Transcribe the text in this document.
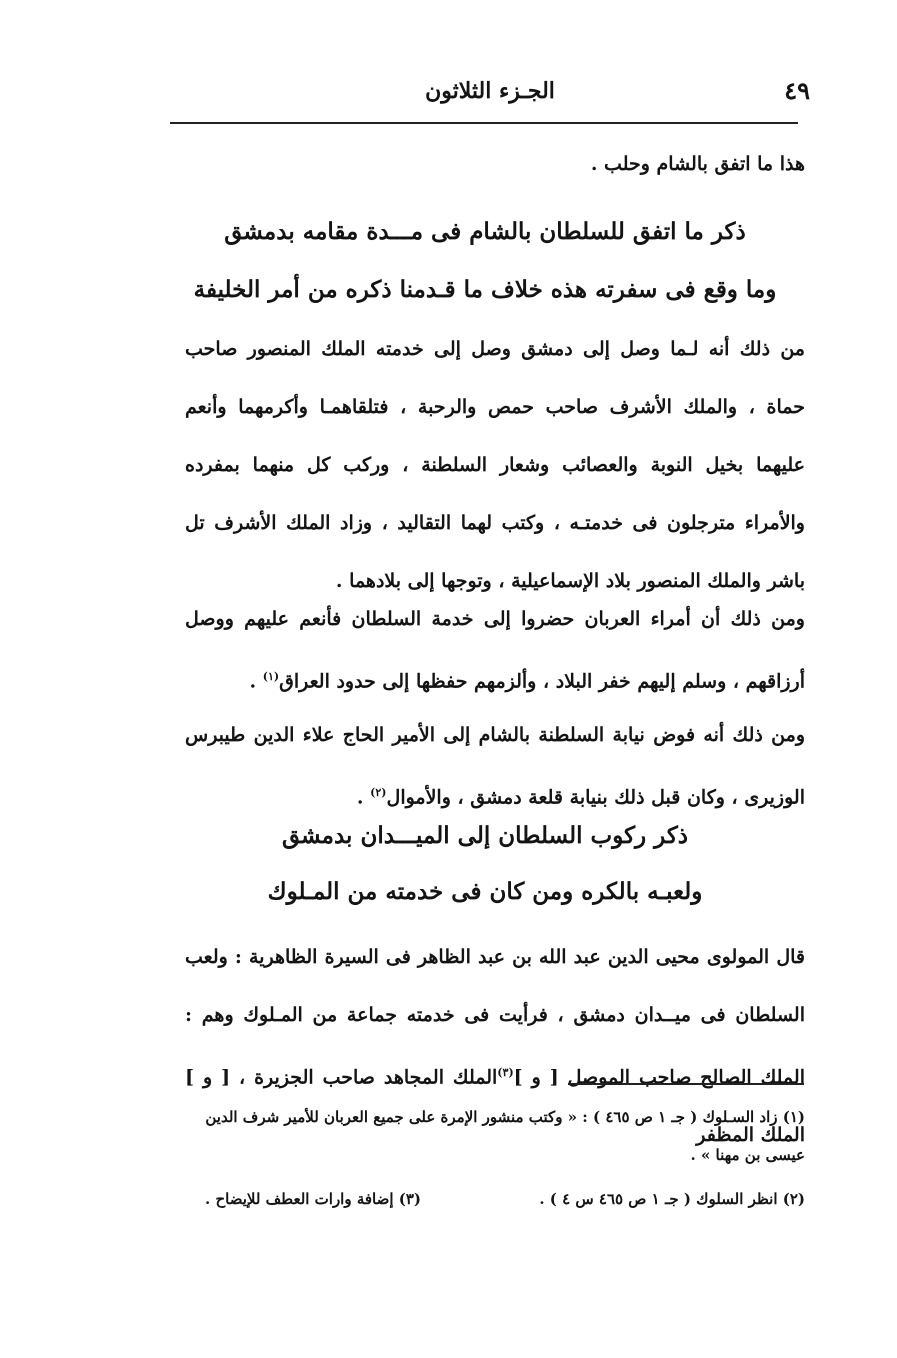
٤٩
الجـزء الثلاثون
هذا ما اتفق بالشام وحلب .
ذكر ما اتفق للسلطان بالشام فى مـــدة مقامه بدمشق
وما وقع فى سفرته هذه خلاف ما قـدمنا ذكره من أمر الخليفة
من ذلك أنه لـما وصل إلى دمشق وصل إلى خدمته الملك المنصور صاحب حماة ، والملك الأشرف صاحب حمص والرحبة ، فتلقاهمـا وأكرمهما وأنعم عليهما بخيل النوبة والعصائب وشعار السلطنة ، وركب كل منهما بمفرده والأمراء مترجلون فى خدمتـه ، وكتب لهما التقاليد ، وزاد الملك الأشرف تل باشر والملك المنصور بلاد الإسماعيلية ، وتوجها إلى بلادهما .
ومن ذلك أن أمراء العربان حضروا إلى خدمة السلطان فأنعم عليهم ووصل أرزاقهم ، وسلم إليهم خفر البلاد ، وألزمهم حفظها إلى حدود العراق$^{(١)}$ .
ومن ذلك أنه فوض نيابة السلطنة بالشام إلى الأمير الحاج علاء الدين طيبرس الوزيرى ، وكان قبل ذلك بنيابة قلعة دمشق ، والأموال$^{(٢)}$ .
ذكر ركوب السلطان إلى الميـــدان بدمشق
ولعبـه بالكره ومن كان فى خدمته من المـلوك
قال المولوى محيى الدين عبد الله بن عبد الظاهر فى السيرة الظاهرية : ولعب السلطان فى ميــدان دمشق ، فرأيت فى خدمته جماعة من المـلوك وهم : الملك الصالح صاحب الموصل [ و ]$^{(٣)}$الملك المجاهد صاحب الجزيرة ، [ و ] الملك المظفر
(١) زاد السـلوك ( جـ ١ ص ٤٦٥ ) : « وكتب منشور الإمرة على جميع العربان للأمير شرف الدين عيسى بن مهنا » .
(٢) انظر السلوك ( جـ ١ ص ٤٦٥ س ٤ ) .
(٣) إضافة وارات العطف للإيضاح .
